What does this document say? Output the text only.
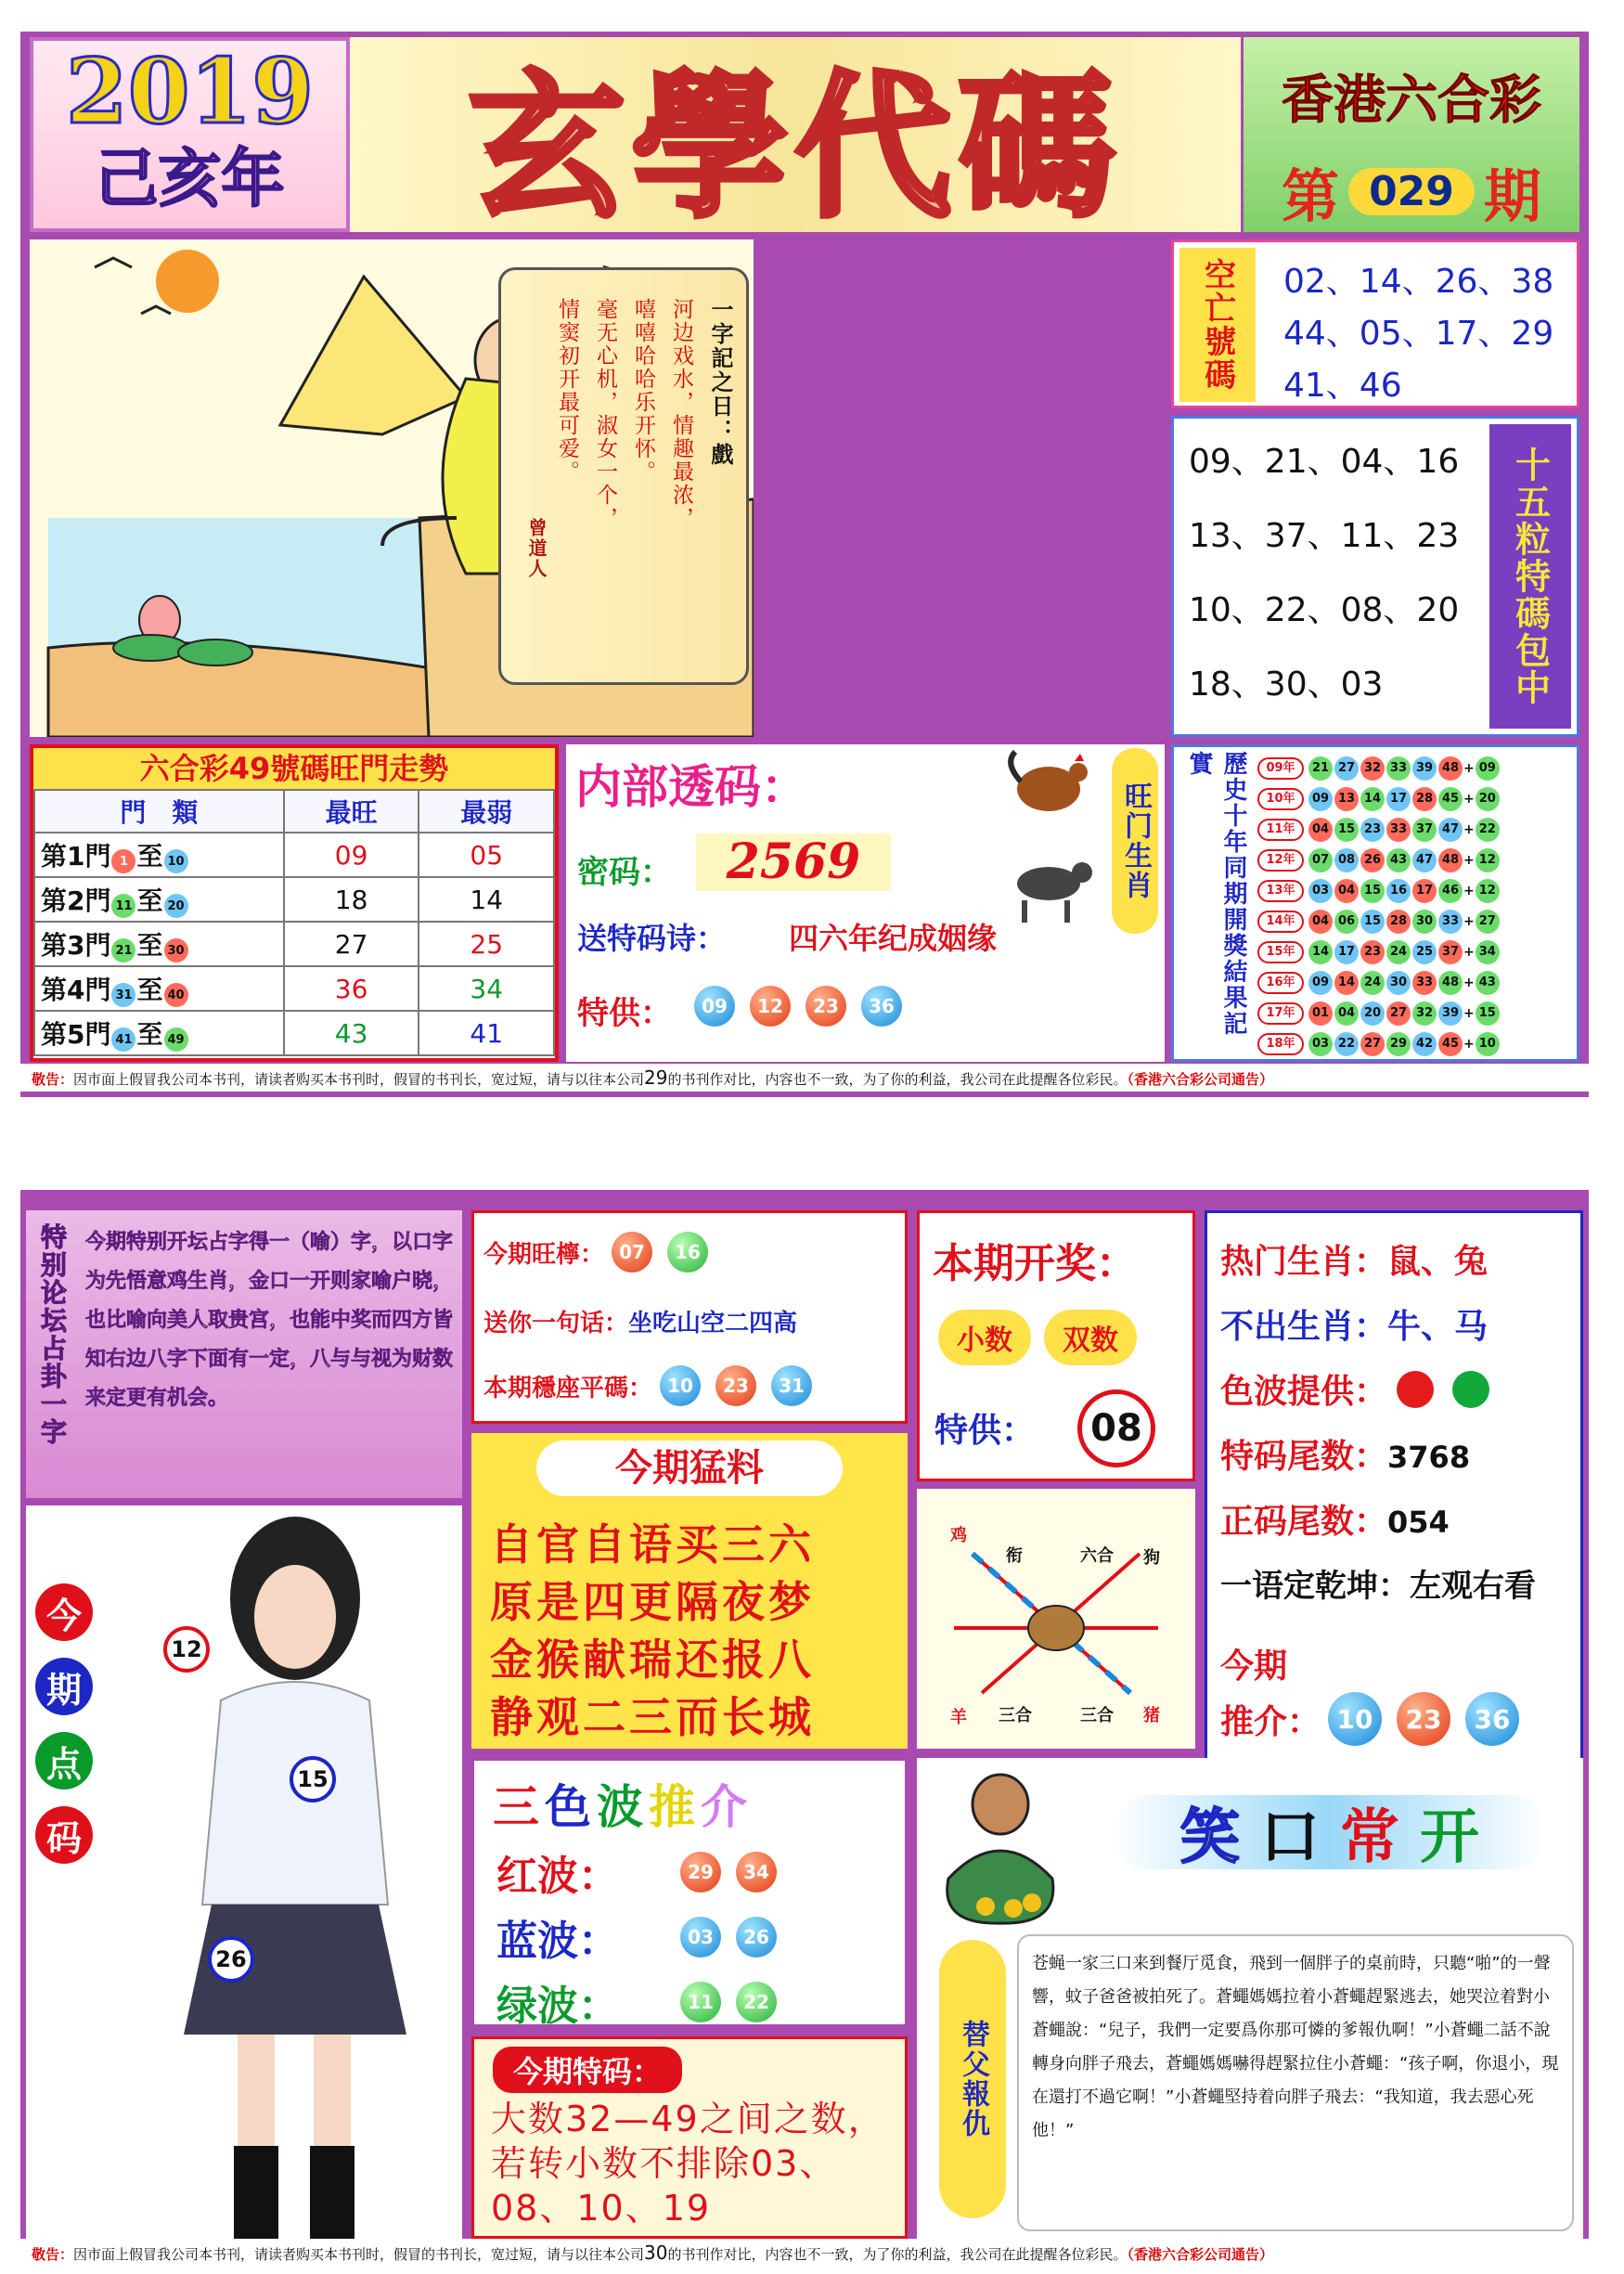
2019
己亥年	玄學代碼	香港六合彩
第 029 期
一字記之日：戲
河边戏水，情趣最浓，
嘻嘻哈哈乐开怀。
毫无心机，淑女一个，
情窦初开最可爱。
曾道人
空亡號碼	02、14、26、38
44、05、17、29
41、46
09、21、04、16
13、37、11、23
10、22、08、20
18、30、03	十五粒特碼包中
六合彩49號碼旺門走勢
門　類	最旺	最弱
第1門 1 至 10	09	05
第2門 11 至 20	18	14
第3門 21 至 30	27	25
第4門 31 至 40	36	34
第5門 41 至 49	43	41
内部透码：
密码：	2569
送特码诗： 四六年纪成姻缘
特供：	09 12 23 36
旺门生肖	歷史十年同期開獎結果記實	09年	21 27 32 33 39 48 + 09
10年	09 13 14 17 28 45 + 20
11年	04 15 23 33 37 47 + 22
12年	07 08 26 43 47 48 + 12
13年	03 04 15 16 17 46 + 12
14年	04 06 15 28 30 33 + 27
15年	14 17 23 24 25 37 + 34
16年	09 14 24 30 33 48 + 43
17年	01 04 20 27 32 39 + 15
18年	03 22 27 29 42 45 + 10
敬告：因市面上假冒我公司本书刊，请读者购买本书刊时，假冒的书刊长，宽过短，请与以往本公司29的书刊作对比，内容也不一致，为了你的利益，我公司在此提醒各位彩民。（香港六合彩公司通告）
特别论坛占卦一字 今期特别开坛占字得一（喻）字，以口字为先悟意鸡生肖，金口一开则家喻户晓，也比喻向美人取贵宫，也能中奖而四方皆知右边八字下面有一定，八与与视为财数来定更有机会。
今期旺檸： 07	16
送你一句话：坐吃山空二四高
本期穩座平碼： 10	23	31
本期开奖：
小数	双数
特供：	08
热门生肖：鼠、兔
不出生肖：牛、马
色波提供：
特码尾数：3768
正码尾数：054
一语定乾坤：左观右看
今期
推介： 10	23	36
今
期
点
码
12
15
26
今期猛料
自官自语买三六
原是四更隔夜梦
金猴献瑞还报八
静观二三而长城
鸡
衔	六合 狗
羊 三合	三合 猪
三色波推介
红波：	29	34
蓝波：	03	26
绿波：	11	22
今期特码：
大数32—49之间之数，若转小数不排除03、08、10、19
笑 口 常 开
替父報仇
苍蝇一家三口来到餐厅觅食，飛到一個胖子的桌前時，只聽“啪”的一聲響，蚊子爸爸被拍死了。蒼蠅媽媽拉着小蒼蠅趕緊逃去，她哭泣着對小蒼蠅說：“兒子，我們一定要爲你那可憐的爹報仇啊！”小蒼蠅二話不說轉身向胖子飛去，蒼蠅媽媽嚇得趕緊拉住小蒼蠅：“孩子啊，你退小，現在還打不過它啊！”小蒼蠅堅持着向胖子飛去：“我知道，我去惡心死他！”
敬告：因市面上假冒我公司本书刊，请读者购买本书刊时，假冒的书刊长，宽过短，请与以往本公司30的书刊作对比，内容也不一致，为了你的利益，我公司在此提醒各位彩民。（香港六合彩公司通告）
